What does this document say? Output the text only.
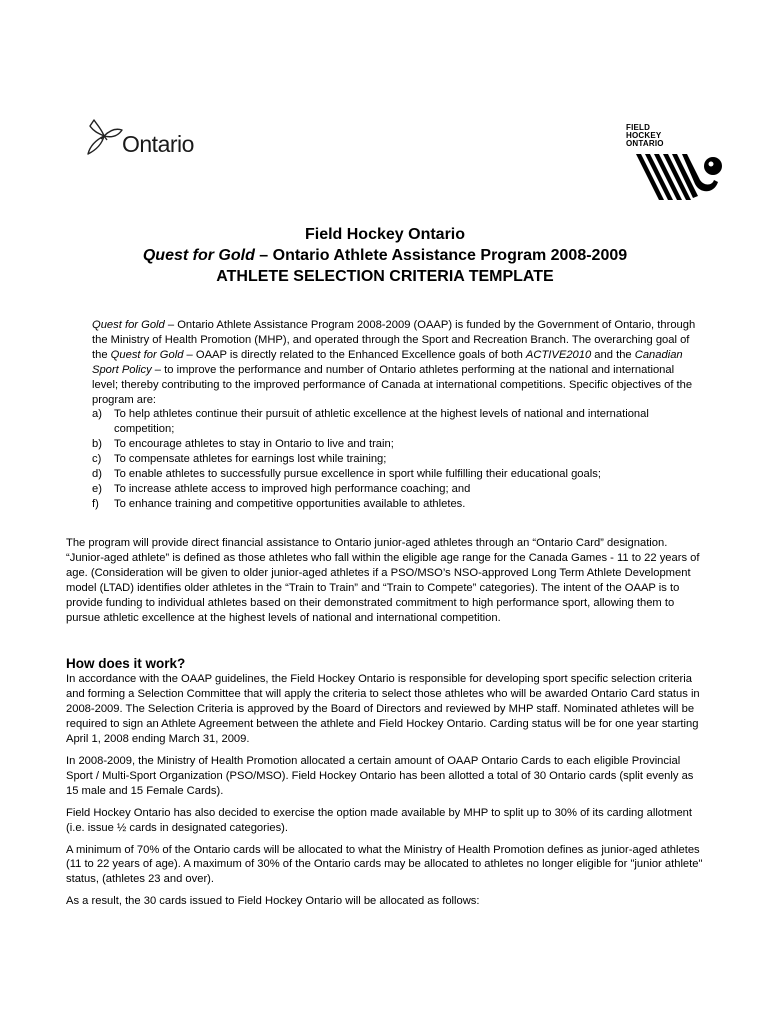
Ontario
FIELD
HOCKEY
ONTARIO
Field Hockey Ontario
Quest for Gold – Ontario Athlete Assistance Program 2008-2009
ATHLETE SELECTION CRITERIA TEMPLATE

Quest for Gold – Ontario Athlete Assistance Program 2008-2009 (OAAP) is funded by the Government of Ontario, through the Ministry of Health Promotion (MHP), and operated through the Sport and Recreation Branch. The overarching goal of the Quest for Gold – OAAP is directly related to the Enhanced Excellence goals of both ACTIVE2010 and the Canadian Sport Policy – to improve the performance and number of Ontario athletes performing at the national and international level; thereby contributing to the improved performance of Canada at international competitions. Specific objectives of the program are:

a) To help athletes continue their pursuit of athletic excellence at the highest levels of national and international competition;
b) To encourage athletes to stay in Ontario to live and train;
c) To compensate athletes for earnings lost while training;
d) To enable athletes to successfully pursue excellence in sport while fulfilling their educational goals;
e) To increase athlete access to improved high performance coaching; and
f) To enhance training and competitive opportunities available to athletes.

The program will provide direct financial assistance to Ontario junior-aged athletes through an “Ontario Card” designation. “Junior-aged athlete” is defined as those athletes who fall within the eligible age range for the Canada Games - 11 to 22 years of age. (Consideration will be given to older junior-aged athletes if a PSO/MSO’s NSO-approved Long Term Athlete Development model (LTAD) identifies older athletes in the “Train to Train” and “Train to Compete” categories). The intent of the OAAP is to provide funding to individual athletes based on their demonstrated commitment to high performance sport, allowing them to pursue athletic excellence at the highest levels of national and international competition.

How does it work?

In accordance with the OAAP guidelines, the Field Hockey Ontario is responsible for developing sport specific selection criteria and forming a Selection Committee that will apply the criteria to select those athletes who will be awarded Ontario Card status in 2008-2009. The Selection Criteria is approved by the Board of Directors and reviewed by MHP staff. Nominated athletes will be required to sign an Athlete Agreement between the athlete and Field Hockey Ontario. Carding status will be for one year starting April 1, 2008 ending March 31, 2009.

In 2008-2009, the Ministry of Health Promotion allocated a certain amount of OAAP Ontario Cards to each eligible Provincial Sport / Multi-Sport Organization (PSO/MSO). Field Hockey Ontario has been allotted a total of 30 Ontario cards (split evenly as 15 male and 15 Female Cards).

Field Hockey Ontario has also decided to exercise the option made available by MHP to split up to 30% of its carding allotment (i.e. issue ½ cards in designated categories).

A minimum of 70% of the Ontario cards will be allocated to what the Ministry of Health Promotion defines as junior-aged athletes (11 to 22 years of age). A maximum of 30% of the Ontario cards may be allocated to athletes no longer eligible for "junior athlete" status, (athletes 23 and over).

As a result, the 30 cards issued to Field Hockey Ontario will be allocated as follows:
